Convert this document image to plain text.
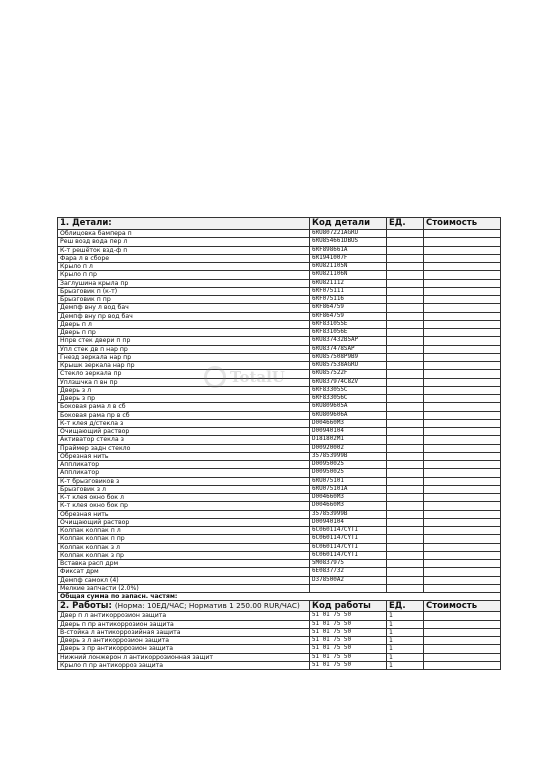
1. Детали:	Код детали	ЕД.	Стоимость
Облицовка бампера п	6RU807221AGRU		
Реш возд вода пер л	6RU854661DBUS		
К-т решёток взд-ф п	6RF898661A		
Фара л в сборе	6R1941007F		
Крыло п л	6RU821105N		
Крыло п пр	6RU821106N		
Заглушина крыла пр	6RU821112		
Брызговик п (к-т)	6RF075111		
Брызговик п пр	6RF075116		
Демпф вну л вод бач	6RF864759		
Демпф вну пр вод бач	6RF864759		
Дверь п л	6RF831055E		
Дверь п пр	6RF831056E		
Нпрв стек двери п пр	6RU837432B5AP		
Упл стек дв п нар пр	6RU837478SAP		
Гнезд зеркала нар пр	6RU857508P9B9		
Крышк зеркала нар пр	6RU857538AGRU		
Стекло зеркала пр	6RU857522F		
Уплзшчка п вн пр	6RU837974C8ZV		
Дверь з л	6RF833055C		
Дверь з пр	6RF833056C		
Боковая рама л в сб	6RU809605A		
Боковая рама пр в сб	6RU809606A		
К-т клея д/стекла з	D004660M3		
Очищающий раствор	D00940104		
Активатор стекла з	D181802M1		
Праймер задн стекло	D00920002		
Обрезная нить	357853999B		
Аппликатор	D00950025		
Аппликатор	D00950025		
К-т брызговиков з	6RU075101		
Брызговик з л	6RU075101A		
К-т клея окно бок л	D004660M3		
К-т клея окно бок пр	D004660M3		
Обрезная нить	357853999B		
Очищающий раствор	D00940104		
Колпак колпак п л	6C0601147CYTI		
Колпак колпак п пр	6C0601147CYTI		
Колпак колпак з л	6C0601147CYTI		
Колпак колпак з пр	6C0601147CYTI		
Вставка расп дрм	5M0837975		
Фиксат дрм	6E0837732		
Демпф самокл (4)	D378500A2		
Мелкие запчасти (2.0%)			
Общая сумма по запасн. частям:			
2. Работы: (Норма: 10ЕД/ЧАС; Норматив 1 250.00 RUR/ЧАС)	Код работы	ЕД.	Стоимость
Двер п л антикоррозион защита	51 01 75 50	1	
Дверь п пр антикоррозион защита	51 01 75 50	1	
В-стойка л антикоррозийная защита	51 01 75 50	1	
Дверь з л антикоррозион защита	51 01 75 50	1	
Дверь з пр антикоррозион защита	51 01 75 50	1	
Нижний лонжерон л антикоррозионная защит	51 01 75 50	1	
Крыло п пр антикорроз защита	51 01 75 50	1	
TotalU
